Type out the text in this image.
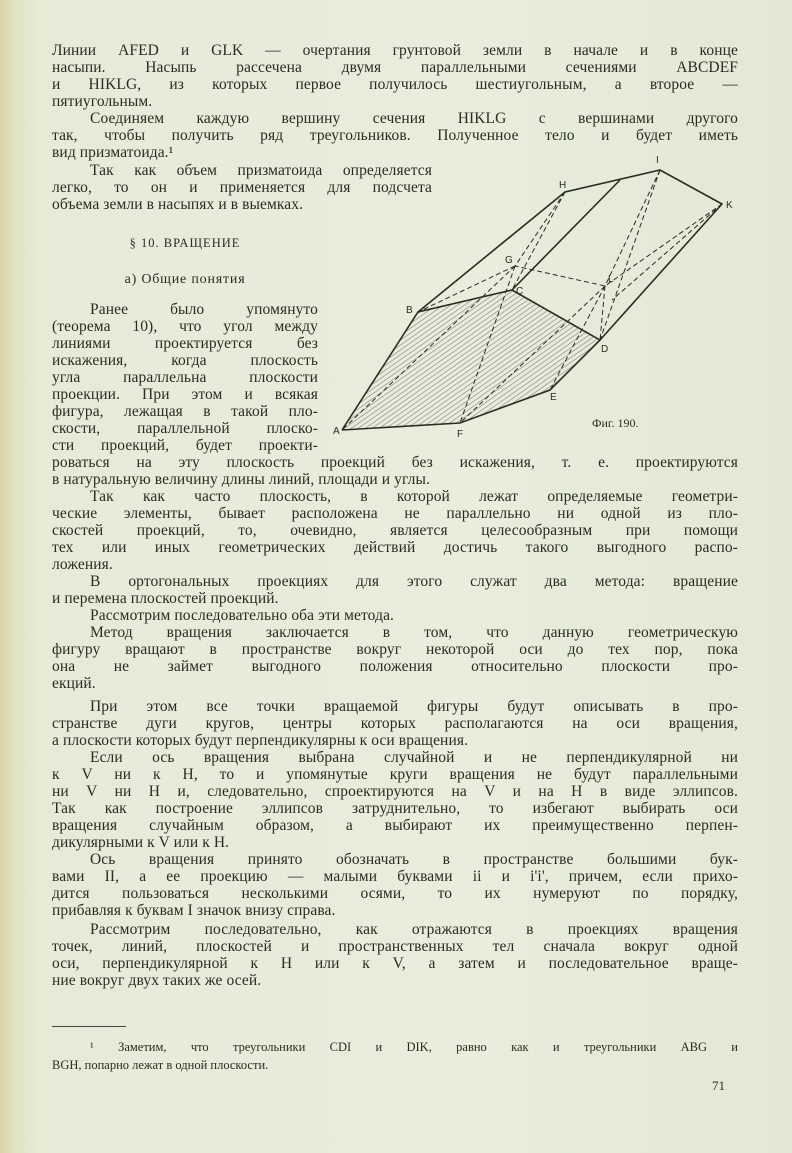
I
H
K
G
L
C
B
D
E
A	F
Фиг. 190.
§ 10. ВРАЩЕНИЕ
а) Общие понятия
Линии AFED и GLK — очертания грунтовой земли в начале и в конце
насыпи. Насыпь рассечена двумя параллельными сечениями ABCDEF
и HIKLG, из которых первое получилось шестиугольным, а второе —
пятиугольным.
Соединяем каждую вершину сечения HIKLG с вершинами другого
так, чтобы получить ряд треугольников. Полученное тело и будет иметь
вид призматоида.¹
Так как объем призматоида определяется
легко, то он и применяется для подсчета
объема земли в насыпях и в выемках.
Ранее было упомянуто
(теорема 10), что угол между
линиями проектируется без
искажения, когда плоскость
угла параллельна плоскости
проекции. При этом и всякая
фигура, лежащая в такой пло-
скости, параллельной плоско-
сти проекций, будет проекти-
роваться на эту плоскость проекций без искажения, т. е. проектируются
в натуральную величину длины линий, площади и углы.
Так как часто плоскость, в которой лежат определяемые геометри-
ческие элементы, бывает расположена не параллельно ни одной из пло-
скостей проекций, то, очевидно, является целесообразным при помощи
тех или иных геометрических действий достичь такого выгодного распо-
ложения.
В ортогональных проекциях для этого служат два метода: вращение
и перемена плоскостей проекций.
Рассмотрим последовательно оба эти метода.
Метод вращения заключается в том, что данную геометрическую
фигуру вращают в пространстве вокруг некоторой оси до тех пор, пока
она не займет выгодного положения относительно плоскости про-
екций.
При этом все точки вращаемой фигуры будут описывать в про-
странстве дуги кругов, центры которых располагаются на оси вращения,
а плоскости которых будут перпендикулярны к оси вращения.
Если ось вращения выбрана случайной и не перпендикулярной ни
к V ни к H, то и упомянутые круги вращения не будут параллельными
ни V ни H и, следовательно, спроектируются на V и на H в виде эллипсов.
Так как построение эллипсов затруднительно, то избегают выбирать оси
вращения случайным образом, а выбирают их преимущественно перпен-
дикулярными к V или к H.
Ось вращения принято обозначать в пространстве большими бук-
вами II, а ее проекцию — малыми буквами ii и i'i', причем, если прихо-
дится пользоваться несколькими осями, то их нумеруют по порядку,
прибавляя к буквам I значок внизу справа.
Рассмотрим последовательно, как отражаются в проекциях вращения
точек, линий, плоскостей и пространственных тел сначала вокруг одной
оси, перпендикулярной к H или к V, а затем и последовательное враще-
ние вокруг двух таких же осей.
¹ Заметим, что треугольники CDI и DIK, равно как и треугольники ABG и
BGH, попарно лежат в одной плоскости.
71
